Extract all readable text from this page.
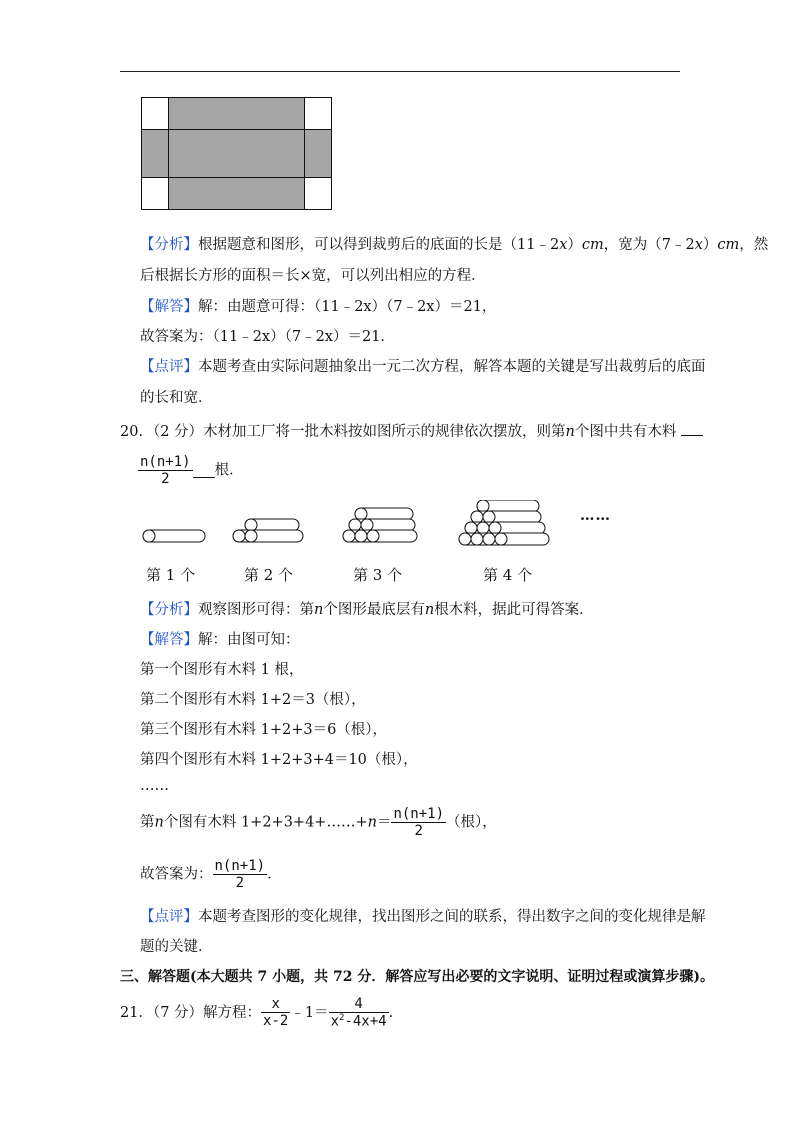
【分析】根据题意和图形，可以得到裁剪后的底面的长是（11﹣2x）cm，宽为（7﹣2x）cm，然
后根据长方形的面积＝长×宽，可以列出相应的方程．
【解答】解：由题意可得：（11﹣2x）（7﹣2x）＝21，
故答案为：（11﹣2x）（7﹣2x）＝21．
【点评】本题考查由实际问题抽象出一元二次方程，解答本题的关键是写出裁剪后的底面
的长和宽．
20．（2 分）木材加工厂将一批木料按如图所示的规律依次摆放，则第n个图中共有木料
$\frac{n(n+1)}{2}$ 根．
……
第 1 个	第 2 个	第 3 个	第 4 个
【分析】观察图形可得：第n个图形最底层有n根木料，据此可得答案．
【解答】解：由图可知：
第一个图形有木料 1 根，
第二个图形有木料 1+2＝3（根），
第三个图形有木料 1+2+3＝6（根），
第四个图形有木料 1+2+3+4＝10（根），
……
第n个图有木料 1+2+3+4+……+n＝ $\frac{n(n+1)}{2}$ （根），
故答案为： $\frac{n(n+1)}{2}$ ．
【点评】本题考查图形的变化规律，找出图形之间的联系，得出数字之间的变化规律是解
题的关键．
三、解答题(本大题共 7 小题，共 72 分．解答应写出必要的文字说明、证明过程或演算步骤)。
21．（7 分）解方程： $\frac{x}{x-2}$ ﹣1＝ $\frac{4}{x^2-4x+4}$ ．
